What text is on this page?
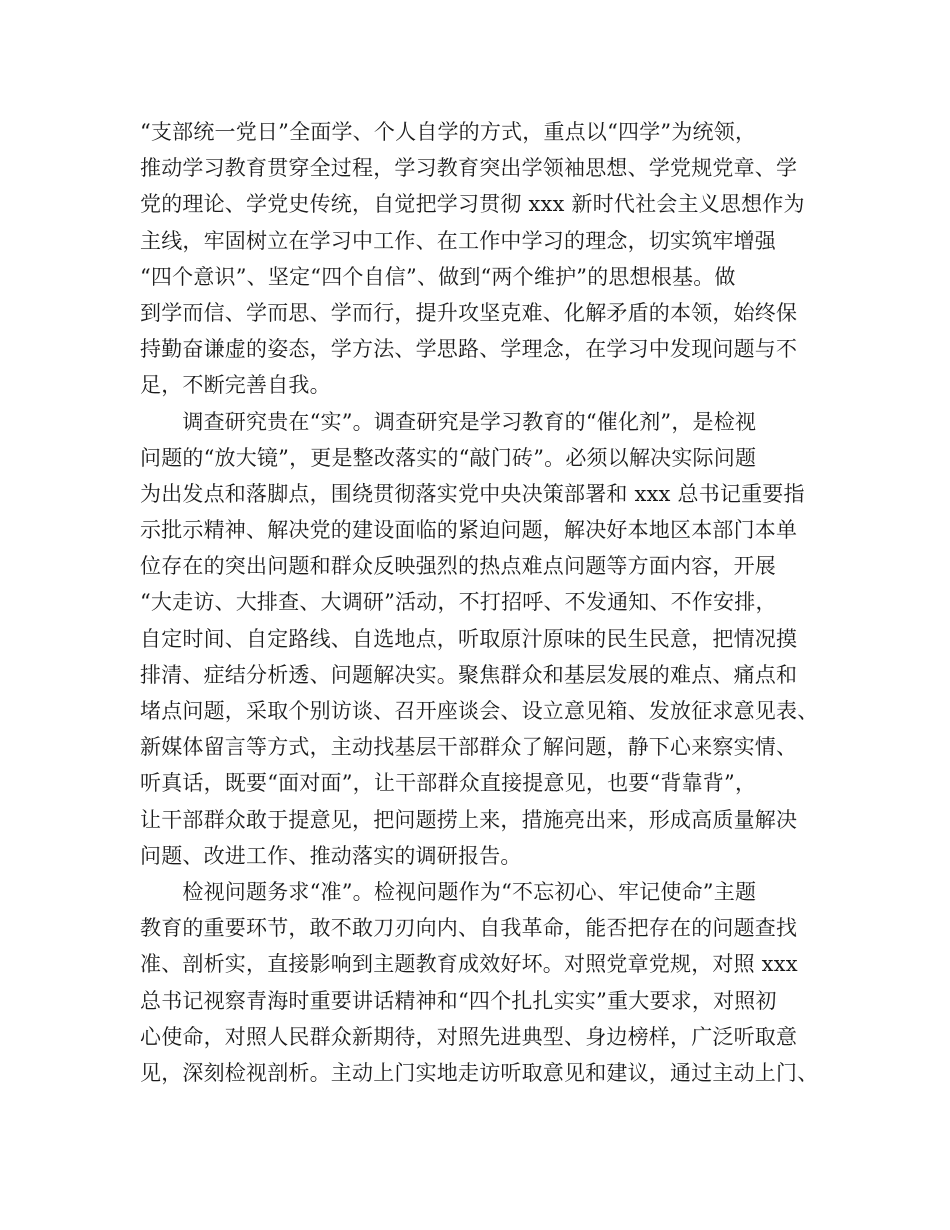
“支部统一党日”全面学、个人自学的方式，重点以“四学”为统领，
推动学习教育贯穿全过程，学习教育突出学领袖思想、学党规党章、学
党的理论、学党史传统，自觉把学习贯彻 xxx 新时代社会主义思想作为
主线，牢固树立在学习中工作、在工作中学习的理念，切实筑牢增强
“四个意识”、坚定“四个自信”、做到“两个维护”的思想根基。做
到学而信、学而思、学而行，提升攻坚克难、化解矛盾的本领，始终保
持勤奋谦虚的姿态，学方法、学思路、学理念，在学习中发现问题与不
足，不断完善自我。
　　调查研究贵在“实”。调查研究是学习教育的“催化剂”，是检视
问题的“放大镜”，更是整改落实的“敲门砖”。必须以解决实际问题
为出发点和落脚点，围绕贯彻落实党中央决策部署和 xxx 总书记重要指
示批示精神、解决党的建设面临的紧迫问题，解决好本地区本部门本单
位存在的突出问题和群众反映强烈的热点难点问题等方面内容，开展
“大走访、大排查、大调研”活动，不打招呼、不发通知、不作安排，
自定时间、自定路线、自选地点，听取原汁原味的民生民意，把情况摸
排清、症结分析透、问题解决实。聚焦群众和基层发展的难点、痛点和
堵点问题，采取个别访谈、召开座谈会、设立意见箱、发放征求意见表、
新媒体留言等方式，主动找基层干部群众了解问题，静下心来察实情、
听真话，既要“面对面”，让干部群众直接提意见，也要“背靠背”，
让干部群众敢于提意见，把问题捞上来，措施亮出来，形成高质量解决
问题、改进工作、推动落实的调研报告。
　　检视问题务求“准”。检视问题作为“不忘初心、牢记使命”主题
教育的重要环节，敢不敢刀刃向内、自我革命，能否把存在的问题查找
准、剖析实，直接影响到主题教育成效好坏。对照党章党规，对照 xxx
总书记视察青海时重要讲话精神和“四个扎扎实实”重大要求，对照初
心使命，对照人民群众新期待，对照先进典型、身边榜样，广泛听取意
见，深刻检视剖析。主动上门实地走访听取意见和建议，通过主动上门、
